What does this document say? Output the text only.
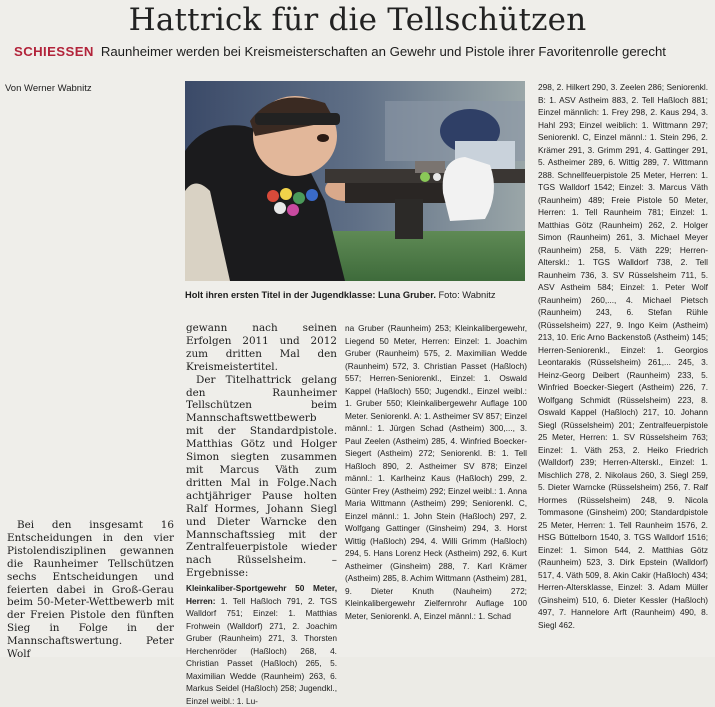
Hattrick für die Tellschützen
SCHIESSEN Raunheimer werden bei Kreismeisterschaften an Gewehr und Pistole ihrer Favoritenrolle gerecht
Von Werner Wabnitz
Holt ihren ersten Titel in der Jugendklasse: Luna Gruber. Foto: Wabnitz
Bei den insgesamt 16 Entscheidungen in den vier Pistolendisziplinen gewannen die Raunheimer Tellschützen sechs Entscheidungen und feierten dabei in Groß-Gerau beim 50-Meter-Wettbewerb mit der Freien Pistole den fünften Sieg in Folge in der Mannschaftswertung. Peter Wolf

gewann nach seinen Erfolgen 2011 und 2012 zum dritten Mal den Kreismeistertitel.

Der Titelhattrick gelang den Raunheimer Tellschützen beim Mannschaftswettbewerb mit der Standardpistole. Matthias Götz und Holger Simon siegten zusammen mit Marcus Väth zum dritten Mal in Folge.Nach achtjähriger Pause holten Ralf Hormes, Johann Siegl und Dieter Warncke den Mannschaftssieg mit der Zentralfeuerpistole wieder nach Rüsselsheim. – Ergebnisse:

Kleinkaliber-Sportgewehr 50 Meter, Herren: 1. Tell Haßloch 791, 2. TGS Walldorf 751; Einzel: 1. Matthias Frohwein (Walldorf) 271, 2. Joachim Gruber (Raunheim) 271, 3. Thorsten Herchenröder (Haßloch) 268, 4. Christian Passet (Haßloch) 265, 5. Maximilian Wedde (Raunheim) 263, 6. Markus Seidel (Haßloch) 258; Jugendkl., Einzel weibl.: 1. Lu-

na Gruber (Raunheim) 253; Kleinkalibergewehr, Liegend 50 Meter, Herren: Einzel: 1. Joachim Gruber (Raunheim) 575, 2. Maximilian Wedde (Raunheim) 572, 3. Christian Passet (Haßloch) 557; Herren-Seniorenkl., Einzel: 1. Oswald Kappel (Haßloch) 550; Jugendkl., Einzel weibl.: 1. Gruber 550; Kleinkalibergewehr Auflage 100 Meter. Seniorenkl. A: 1. Astheimer SV 857; Einzel männl.: 1. Jürgen Schad (Astheim) 300,..., 3. Paul Zeelen (Astheim) 285, 4. Winfried Boecker-Siegert (Astheim) 272; Seniorenkl. B: 1. Tell Haßloch 890, 2. Astheimer SV 878; Einzel männl.: 1. Karlheinz Kaus (Haßloch) 299, 2. Günter Frey (Astheim) 292; Einzel weibl.: 1. Anna Maria Wittmann (Astheim) 299; Seniorenkl. C, Einzel männl.: 1. John Stein (Haßloch) 297, 2. Wolfgang Gattinger (Ginsheim) 294, 3. Horst Wittig (Haßloch) 294, 4. Willi Grimm (Haßloch) 294, 5. Hans Lorenz Heck (Astheim) 292, 6. Kurt Astheimer (Ginsheim) 288, 7. Karl Krämer (Astheim) 285, 8. Achim Wittmann (Astheim) 281, 9. Dieter Knuth (Nauheim) 272; Kleinkalibergewehr Zielfernrohr Auflage 100 Meter, Seniorenkl. A, Einzel männl.: 1. Schad
298, 2. Hilkert 290, 3. Zeelen 286; Seniorenkl. B: 1. ASV Astheim 883, 2. Tell Haßloch 881; Einzel männlich: 1. Frey 298, 2. Kaus 294, 3. Hahl 293; Einzel weiblich: 1. Wittmann 297; Seniorenkl. C, Einzel männl.: 1. Stein 296, 2. Krämer 291, 3. Grimm 291, 4. Gattinger 291, 5. Astheimer 289, 6. Wittig 289, 7. Wittmann 288. Schnellfeuerpistole 25 Meter, Herren: 1. TGS Walldorf 1542; Einzel: 3. Marcus Väth (Raunheim) 489; Freie Pistole 50 Meter, Herren: 1. Tell Raunheim 781; Einzel: 1. Matthias Götz (Raunheim) 262, 2. Holger Simon (Raunheim) 261, 3. Michael Meyer (Raunheim) 258, 5. Väth 229; Herren-Alterskl.: 1. TGS Walldorf 738, 2. Tell Raunheim 736, 3. SV Rüsselsheim 711, 5. ASV Astheim 584; Einzel: 1. Peter Wolf (Raunheim) 260,..., 4. Michael Pietsch (Raunheim) 243, 6. Stefan Rühle (Rüsselsheim) 227, 9. Ingo Keim (Astheim) 213, 10. Eric Arno Backenstoß (Astheim) 145; Herren-Seniorenkl., Einzel: 1. Georgios Leontarakis (Rüsselsheim) 261,... 245, 3. Heinz-Georg Deibert (Raunheim) 233, 5. Winfried Boecker-Siegert (Astheim) 226, 7. Wolfgang Schmidt (Rüsselsheim) 223, 8. Oswald Kappel (Haßloch) 217, 10. Johann Siegl (Rüsselsheim) 201; Zentralfeuerpistole 25 Meter, Herren: 1. SV Rüsselsheim 763; Einzel: 1. Väth 253, 2. Heiko Friedrich (Walldorf) 239; Herren-Alterskl., Einzel: 1. Mischlich 278, 2. Nikolaus 260, 3. Siegl 259, 5. Dieter Warncke (Rüsselsheim) 256, 7. Ralf Hormes (Rüsselsheim) 248, 9. Nicola Tommasone (Ginsheim) 200; Standardpistole 25 Meter, Herren: 1. Tell Raunheim 1576, 2. HSG Büttelborn 1540, 3. TGS Walldorf 1516; Einzel: 1. Simon 544, 2. Matthias Götz (Raunheim) 523, 3. Dirk Epstein (Walldorf) 517, 4. Väth 509, 8. Akin Cakir (Haßloch) 434; Herren-Altersklasse, Einzel: 3. Adam Müller (Ginsheim) 510, 6. Dieter Kessler (Haßloch) 497, 7. Hannelore Arft (Raunheim) 490, 8. Siegl 462.
